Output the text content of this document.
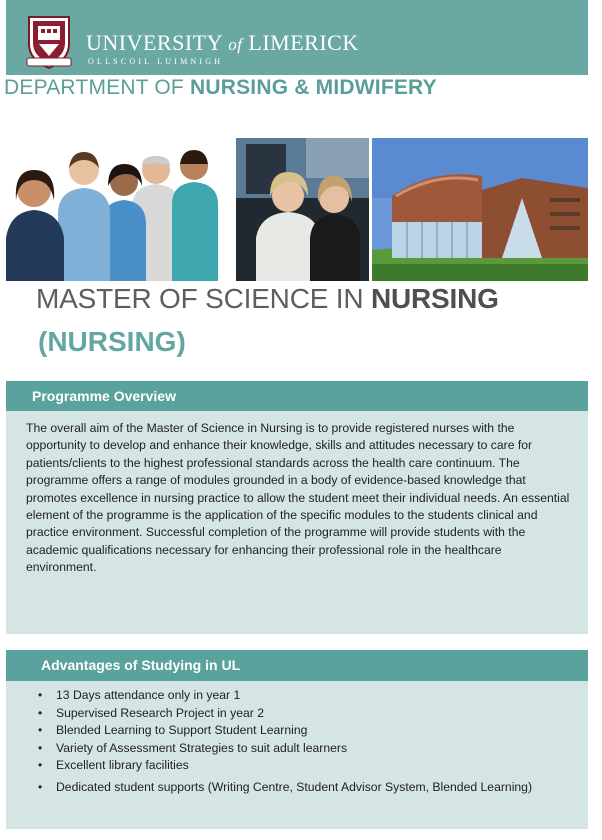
UNIVERSITY of LIMERICK
OLLSCOIL LUIMNIGH
DEPARTMENT OF NURSING & MIDWIFERY
MASTER OF SCIENCE IN NURSING
(NURSING)
Programme Overview
The overall aim of the Master of Science in Nursing is to provide registered nurses with the opportunity to develop and enhance their knowledge, skills and attitudes necessary to care for patients/clients to the highest professional standards across the health care continuum. The programme offers a range of modules grounded in a body of evidence-based knowledge that promotes excellence in nursing practice to allow the student meet their individual needs. An essential element of the programme is the application of the specific modules to the students clinical and practice environment. Successful completion of the programme will provide students with the academic qualifications necessary for enhancing their professional role in the healthcare environment.
Advantages of Studying in UL
• 13 Days attendance only in year 1
• Supervised Research Project in year 2
• Blended Learning to Support Student Learning
• Variety of Assessment Strategies to suit adult learners
• Excellent library facilities
• Dedicated student supports (Writing Centre, Student Advisor System, Blended Learning)
